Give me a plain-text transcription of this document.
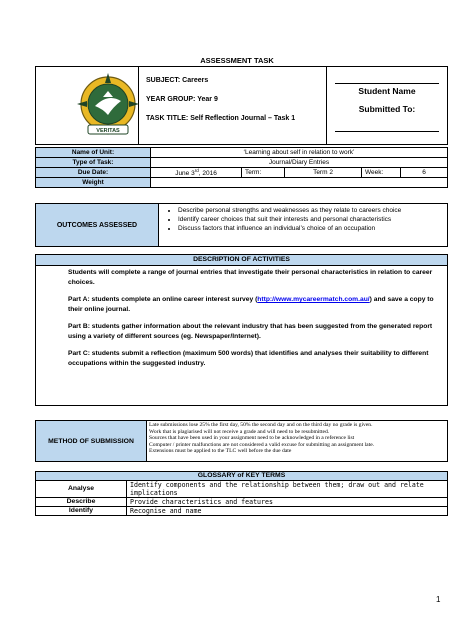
ASSESSMENT TASK
VERITAS
SUBJECT: Careers
YEAR GROUP: Year 9
TASK TITLE: Self Reflection Journal – Task 1
Student Name
Submitted To:
Name of Unit:	‘Learning about self in relation to work’				
Type of Task:	Journal/Diary Entries				
Due Date:	June 3rd, 2016	Term:	Term 2	Week:	6
Weight					
OUTCOMES ASSESSED
• Describe personal strengths and weaknesses as they relate to careers choice
• Identify career choices that suit their interests and personal characteristics
• Discuss factors that influence an individual’s choice of an occupation
DESCRIPTION OF ACTIVITIES

Students will complete a range of journal entries that investigate their personal characteristics in relation to career choices.

Part A: students complete an online career interest survey (http://www.mycareermatch.com.au/) and save a copy to their online journal.

Part B: students gather information about the relevant industry that has been suggested from the generated report using a variety of different sources (eg. Newspaper/Internet).

Part C: students submit a reflection (maximum 500 words) that identifies and analyses their suitability to different occupations within the suggested industry.

METHOD OF SUBMISSION
Late submissions lose 25% the first day, 50% the second day and on the third day no grade is given.
Work that is plagiarised will not receive a grade and will need to be resubmitted.
Sources that have been used in your assignment need to be acknowledged in a reference list
Computer / printer malfunctions are not considered a valid excuse for submitting an assignment late.
Extensions must be applied to the TLC well before the due date
GLOSSARY of KEY TERMS	
Analyse	Identify components and the relationship between them; draw out and relate implications
Describe	Provide characteristics and features
Identify	Recognise and name
1
